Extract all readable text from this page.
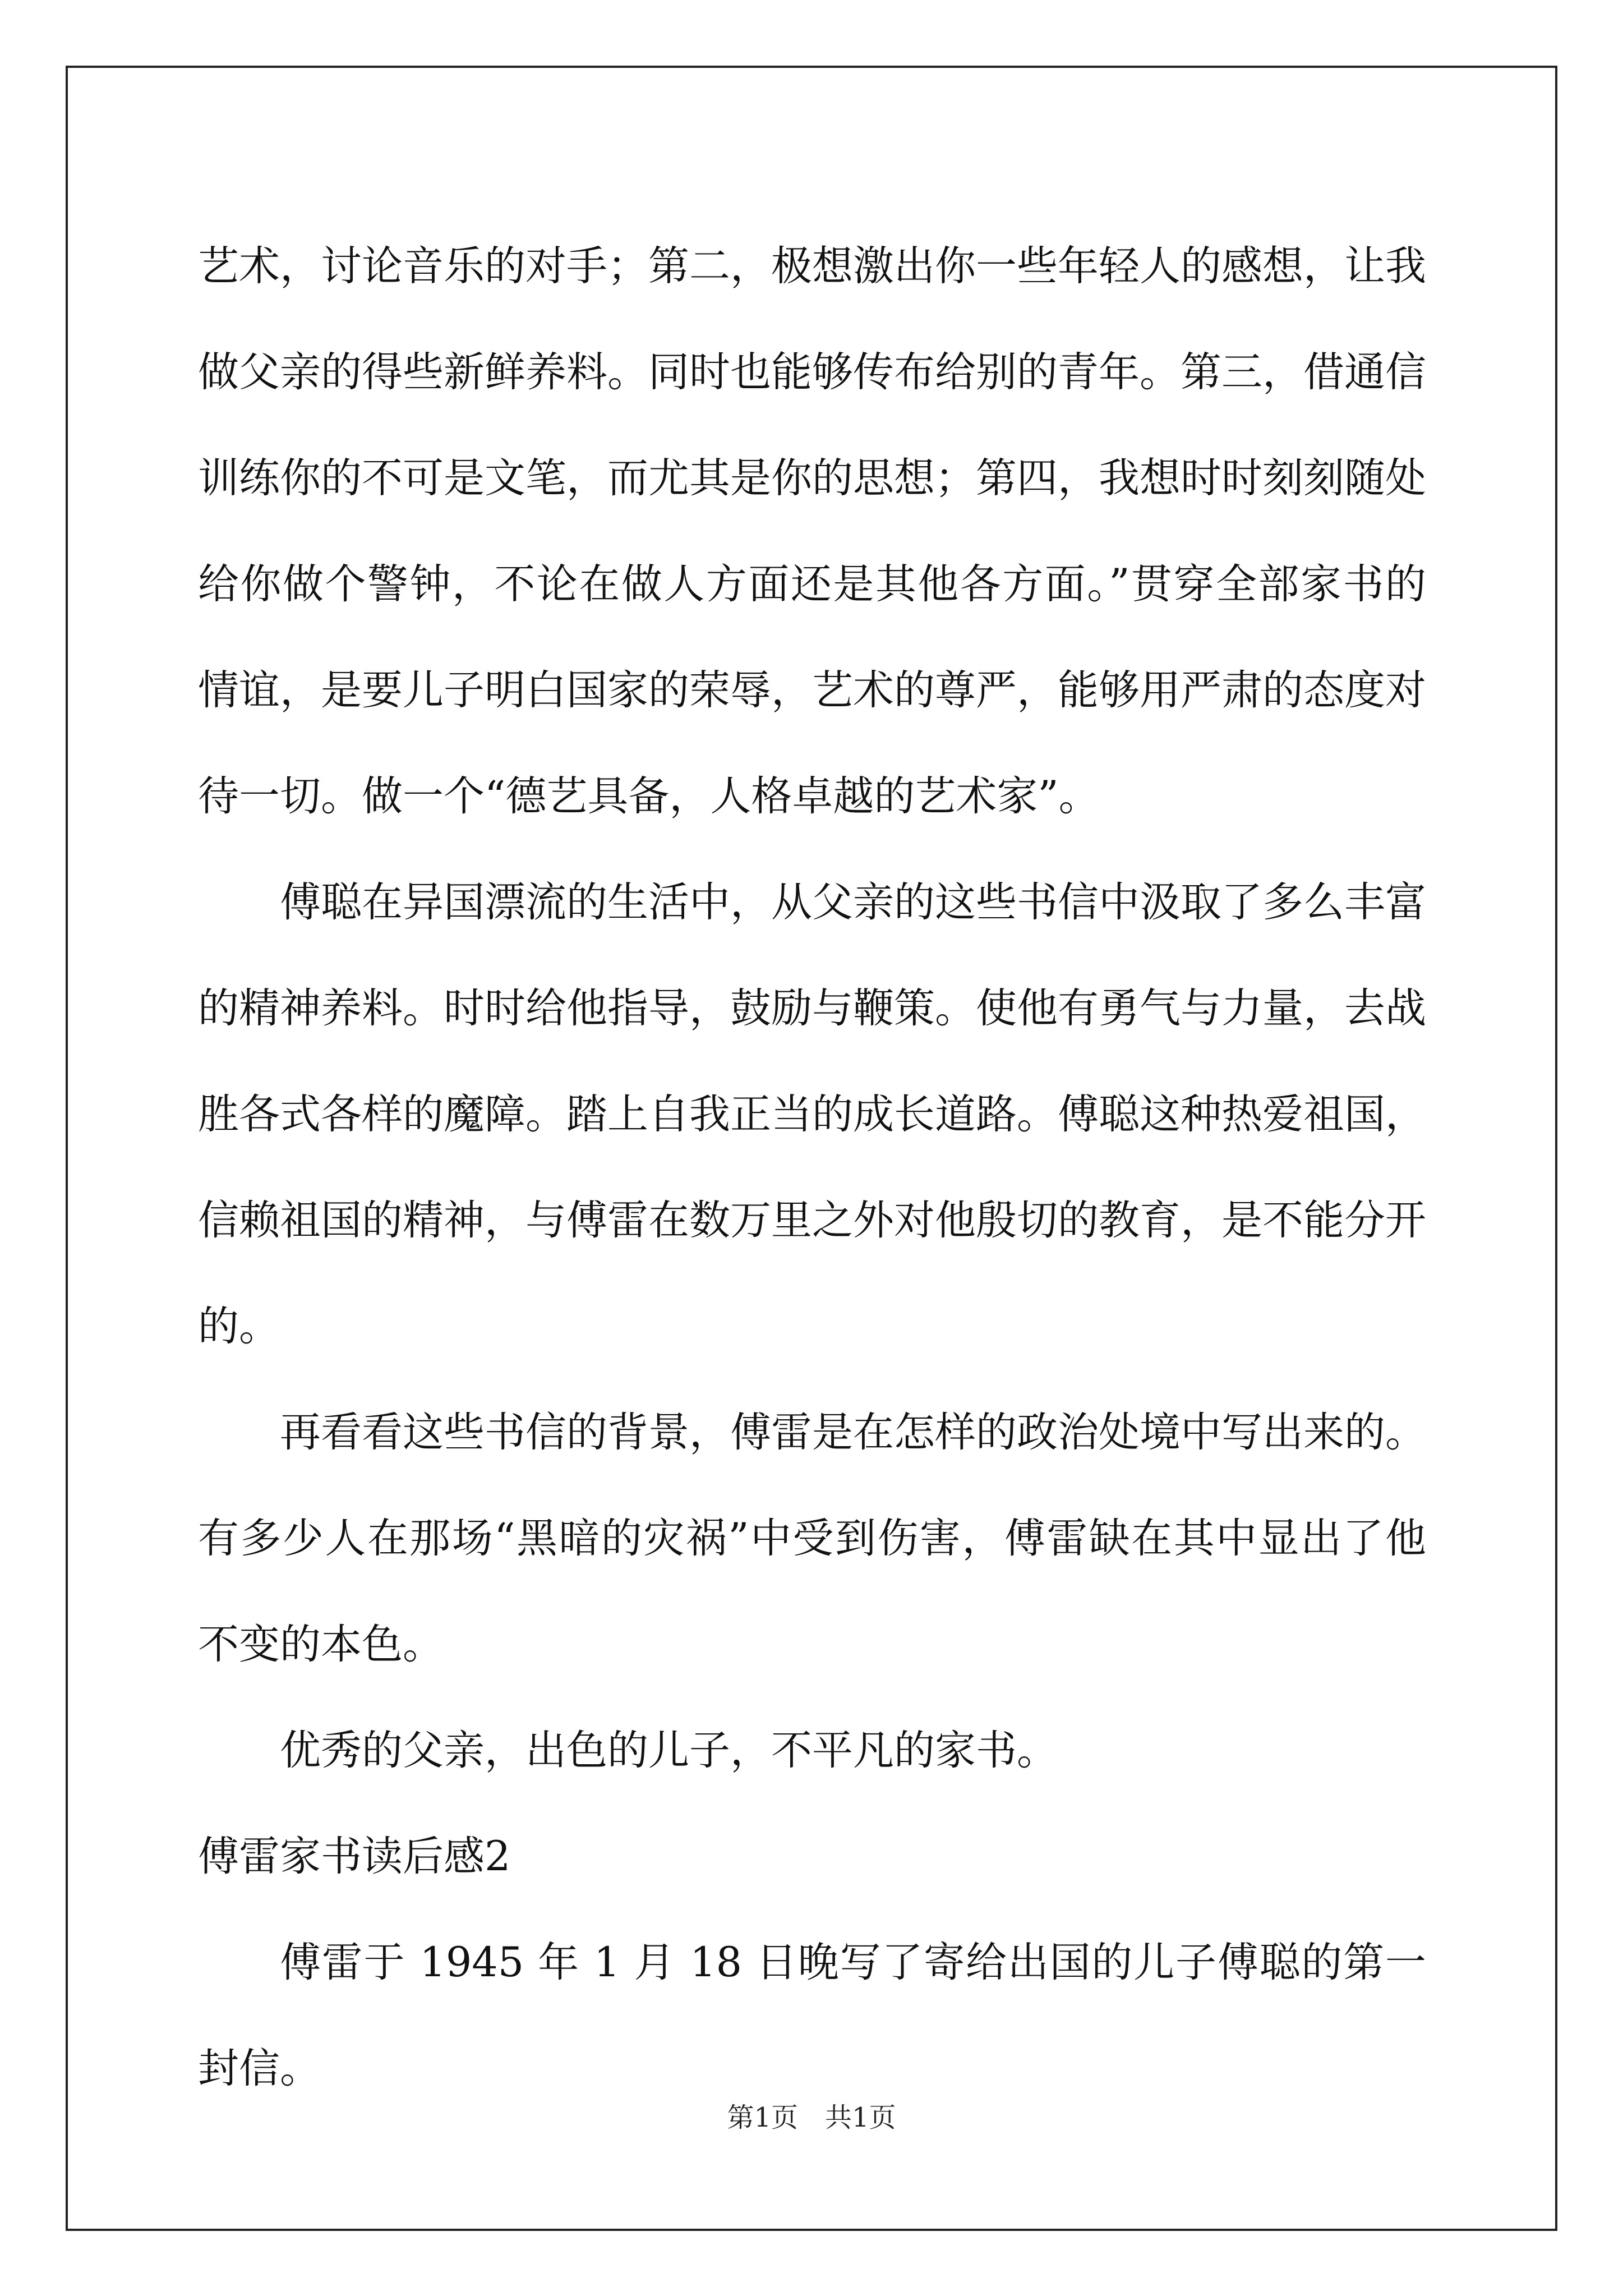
艺术，讨论音乐的对手；第二，极想激出你一些年轻人的感想，让我做父亲的得些新鲜养料。同时也能够传布给别的青年。第三，借通信训练你的不可是文笔，而尤其是你的思想；第四，我想时时刻刻随处给你做个警钟，不论在做人方面还是其他各方面。”贯穿全部家书的情谊，是要儿子明白国家的荣辱，艺术的尊严，能够用严肃的态度对待一切。做一个“德艺具备，人格卓越的艺术家”。

傅聪在异国漂流的生活中，从父亲的这些书信中汲取了多么丰富的精神养料。时时给他指导，鼓励与鞭策。使他有勇气与力量，去战胜各式各样的魔障。踏上自我正当的成长道路。傅聪这种热爱祖国，信赖祖国的精神，与傅雷在数万里之外对他殷切的教育，是不能分开的。

再看看这些书信的背景，傅雷是在怎样的政治处境中写出来的。有多少人在那场“黑暗的灾祸”中受到伤害，傅雷缺在其中显出了他不变的本色。

优秀的父亲，出色的儿子，不平凡的家书。

傅雷家书读后感2

傅雷于 1945 年 1 月 18 日晚写了寄给出国的儿子傅聪的第一封信。

第1页　共1页
